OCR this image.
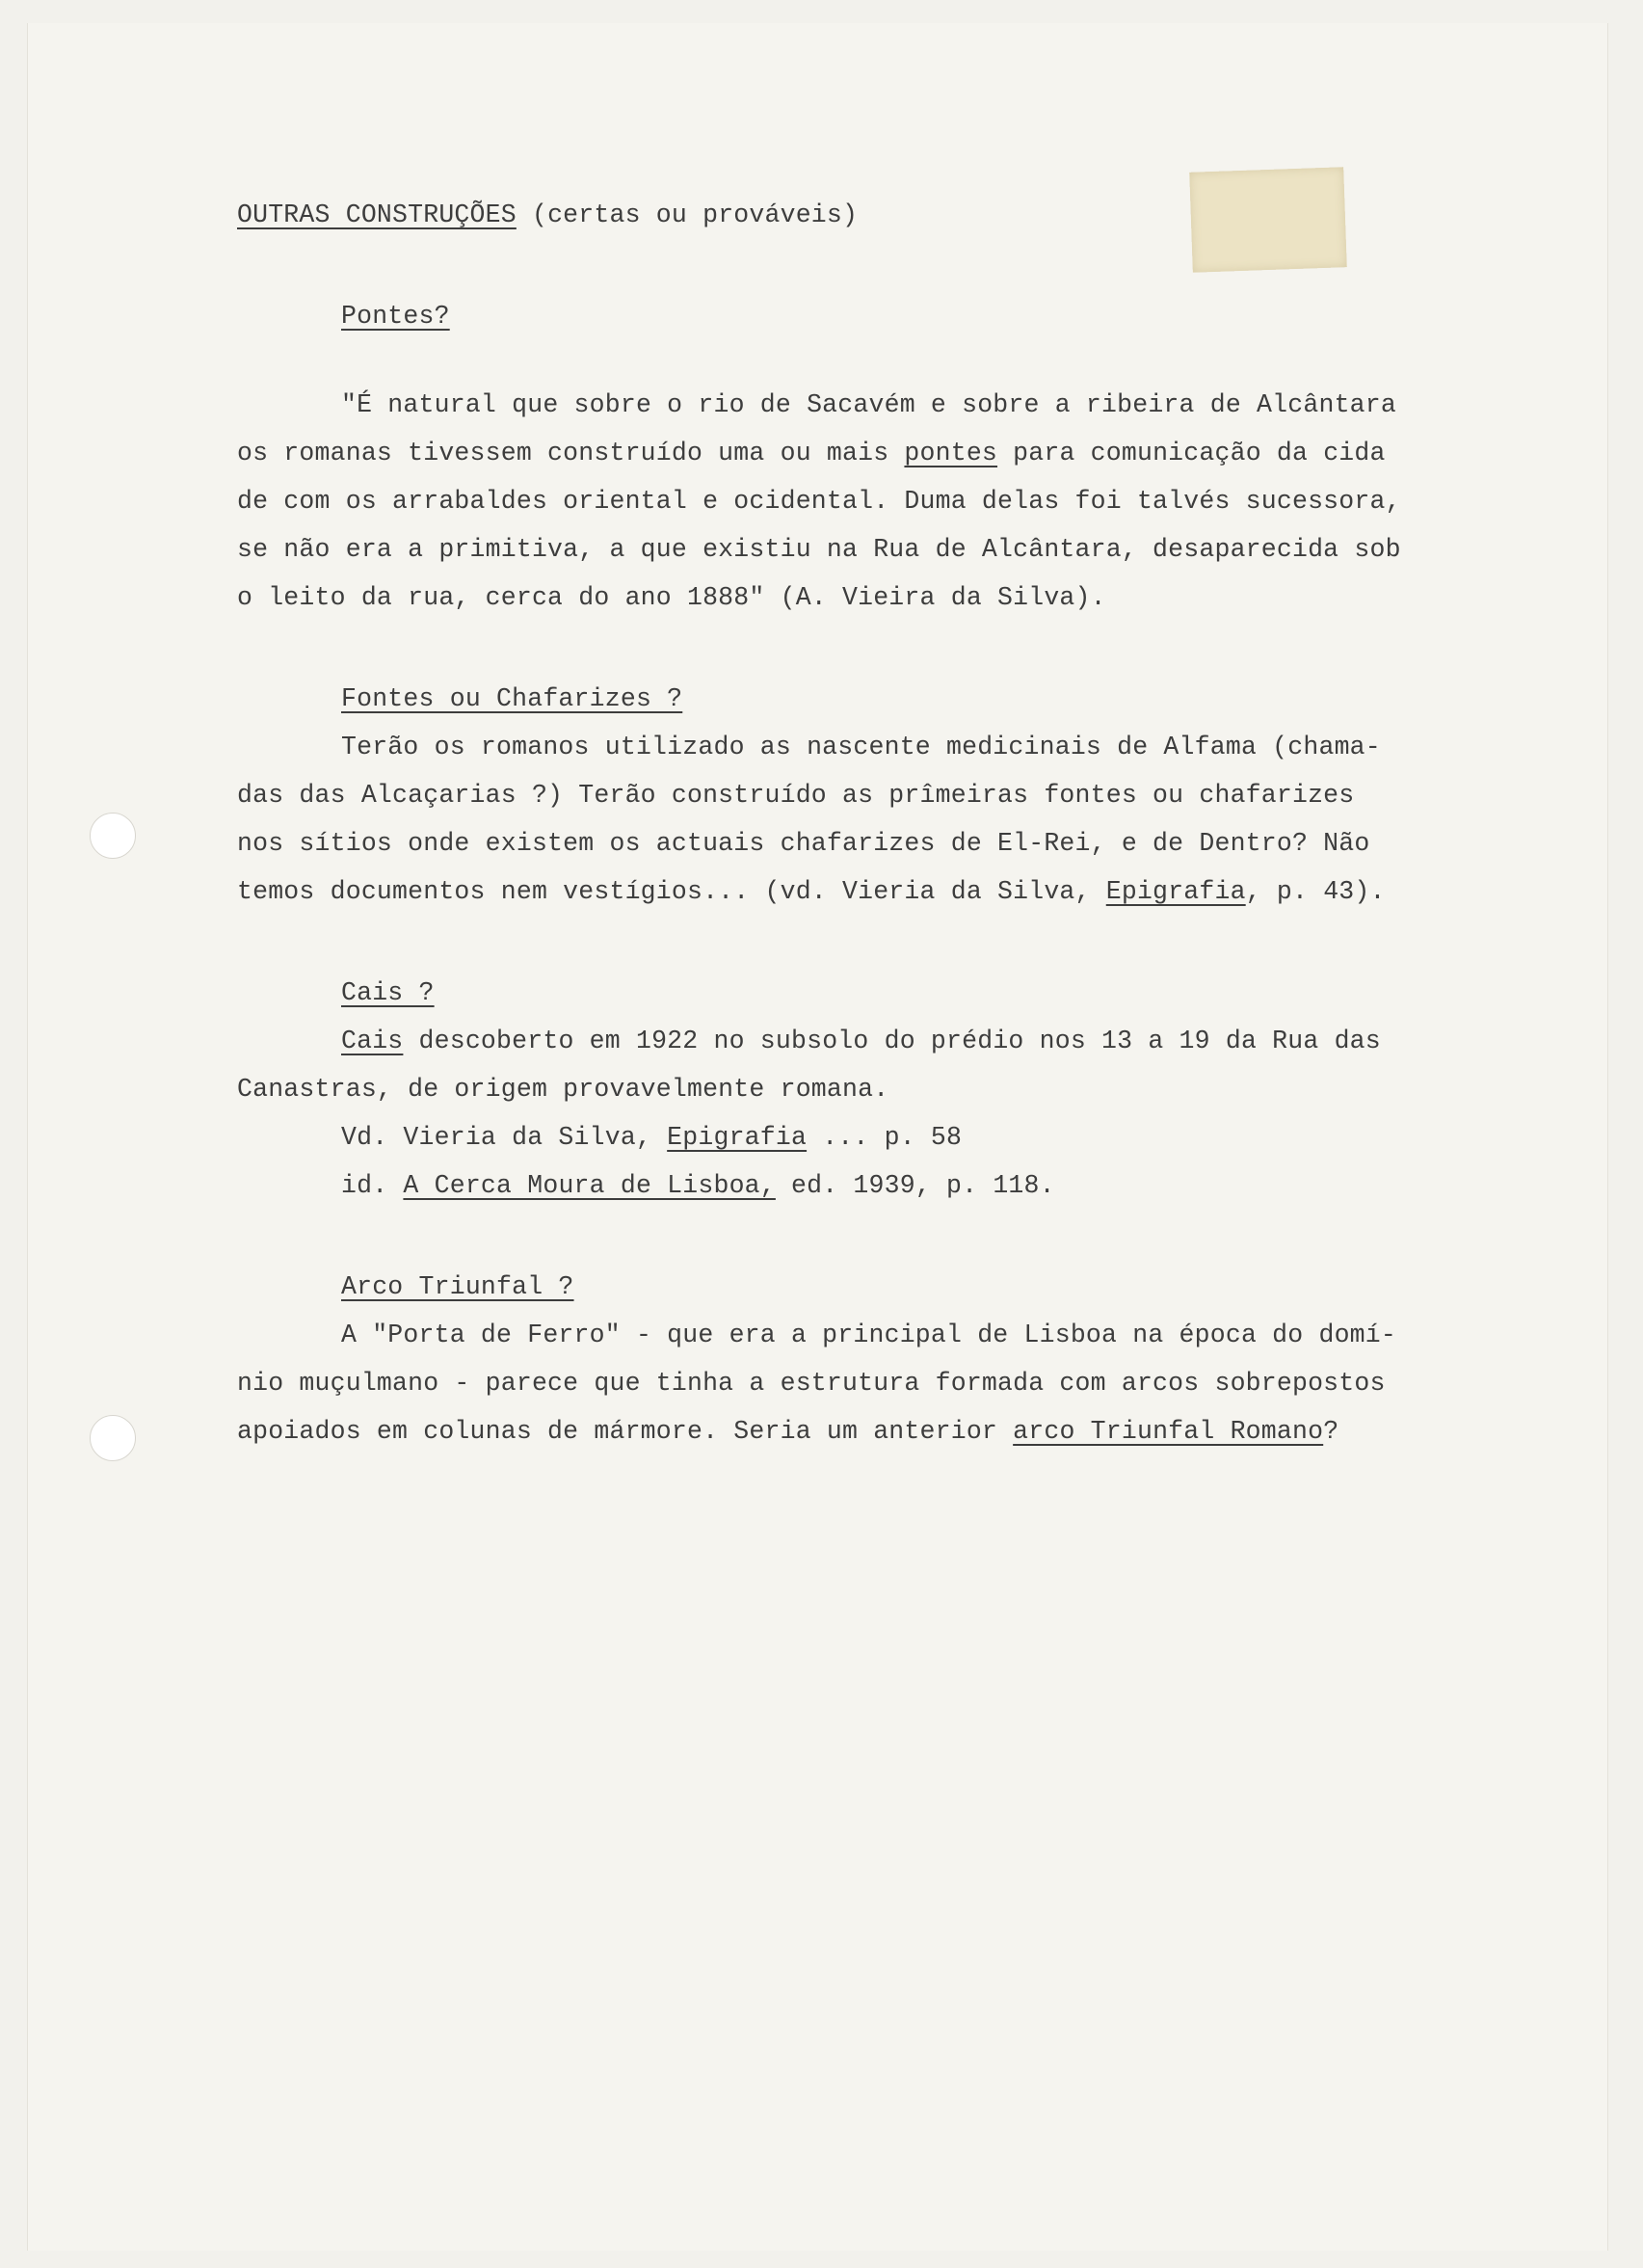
OUTRAS CONSTRUÇÕES (certas ou prováveis)
Pontes?
"É natural que sobre o rio de Sacavém e sobre a ribeira de Alcântara
os romanas tivessem construído uma ou mais pontes para comunicação da cida
de com os arrabaldes oriental e ocidental. Duma delas foi talvés sucessora,
se não era a primitiva, a que existiu na Rua de Alcântara, desaparecida sob
o leito da rua, cerca do ano 1888" (A. Vieira da Silva).
Fontes ou Chafarizes ?
Terão os romanos utilizado as nascente medicinais de Alfama (chama-
das das Alcaçarias ?) Terão construído as prîmeiras fontes ou chafarizes
nos sítios onde existem os actuais chafarizes de El-Rei, e de Dentro? Não
temos documentos nem vestígios... (vd. Vieria da Silva, Epigrafia, p. 43).
Cais ?
Cais descoberto em 1922 no subsolo do prédio nos 13 a 19 da Rua das
Canastras, de origem provavelmente romana.
Vd. Vieria da Silva, Epigrafia ... p. 58
id. A Cerca Moura de Lisboa, ed. 1939, p. 118.
Arco Triunfal ?
A "Porta de Ferro" - que era a principal de Lisboa na época do domí-
nio muçulmano - parece que tinha a estrutura formada com arcos sobrepostos
apoiados em colunas de mármore. Seria um anterior arco Triunfal Romano?
